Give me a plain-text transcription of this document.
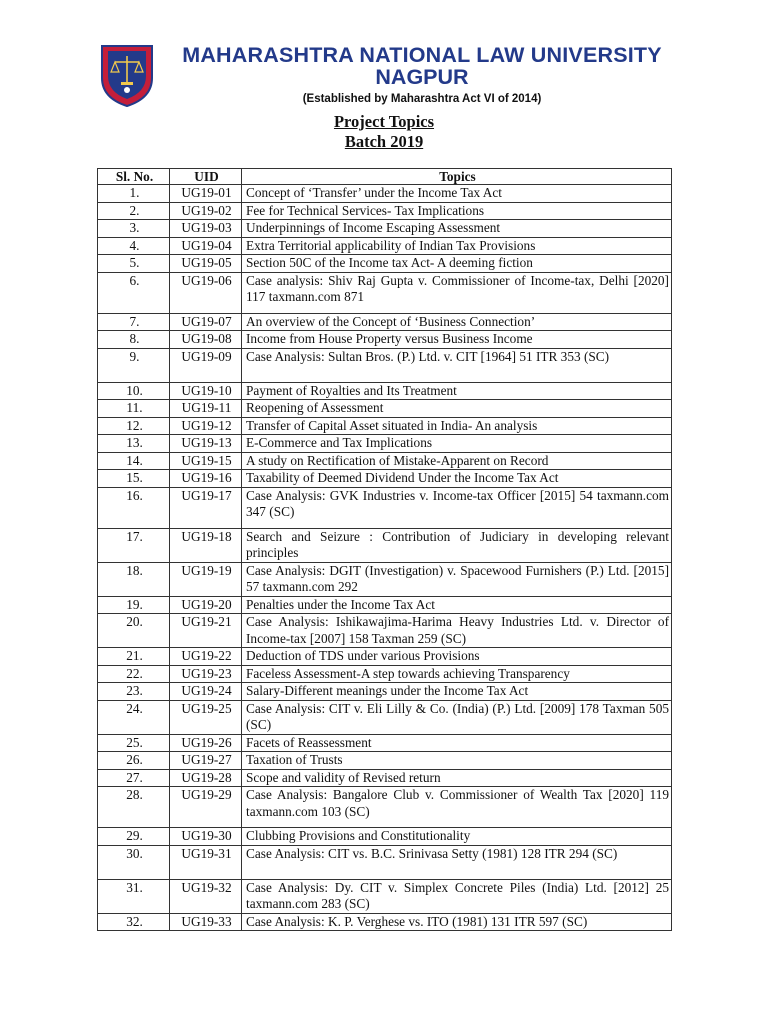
MAHARASHTRA NATIONAL LAW UNIVERSITY
NAGPUR
(Established by Maharashtra Act VI of 2014)
Project Topics
Batch 2019
Sl. No.	UID	Topics
1.	UG19-01	Concept of ‘Transfer’ under the Income Tax Act
2.	UG19-02	Fee for Technical Services- Tax Implications
3.	UG19-03	Underpinnings of Income Escaping Assessment
4.	UG19-04	Extra Territorial applicability of Indian Tax Provisions
5.	UG19-05	Section 50C of the Income tax Act- A deeming fiction
6.	UG19-06	Case analysis: Shiv Raj Gupta v. Commissioner of Income-tax, Delhi [2020] 117 taxmann.com 871
7.	UG19-07	An overview of the Concept of ‘Business Connection’
8.	UG19-08	Income from House Property versus Business Income
9.	UG19-09	Case Analysis: Sultan Bros. (P.) Ltd. v. CIT [1964] 51 ITR 353 (SC)
10.	UG19-10	Payment of Royalties and Its Treatment
11.	UG19-11	Reopening of Assessment
12.	UG19-12	Transfer of Capital Asset situated in India- An analysis
13.	UG19-13	E-Commerce and Tax Implications
14.	UG19-15	A study on Rectification of Mistake-Apparent on Record
15.	UG19-16	Taxability of Deemed Dividend Under the Income Tax Act
16.	UG19-17	Case Analysis: GVK Industries v. Income-tax Officer [2015] 54 taxmann.com 347 (SC)
17.	UG19-18	Search and Seizure : Contribution of Judiciary in developing relevant principles
18.	UG19-19	Case Analysis: DGIT (Investigation) v. Spacewood Furnishers (P.) Ltd. [2015] 57 taxmann.com 292
19.	UG19-20	Penalties under the Income Tax Act
20.	UG19-21	Case Analysis: Ishikawajima-Harima Heavy Industries Ltd. v. Director of Income-tax [2007] 158 Taxman 259 (SC)
21.	UG19-22	Deduction of TDS under various Provisions
22.	UG19-23	Faceless Assessment-A step towards achieving Transparency
23.	UG19-24	Salary-Different meanings under the Income Tax Act
24.	UG19-25	Case Analysis: CIT v. Eli Lilly & Co. (India) (P.) Ltd. [2009] 178 Taxman 505 (SC)
25.	UG19-26	Facets of Reassessment
26.	UG19-27	Taxation of Trusts
27.	UG19-28	Scope and validity of Revised return
28.	UG19-29	Case Analysis: Bangalore Club v. Commissioner of Wealth Tax [2020] 119 taxmann.com 103 (SC)
29.	UG19-30	Clubbing Provisions and Constitutionality
30.	UG19-31	Case Analysis: CIT vs. B.C. Srinivasa Setty (1981) 128 ITR 294 (SC)
31.	UG19-32	Case Analysis: Dy. CIT v. Simplex Concrete Piles (India) Ltd. [2012] 25 taxmann.com 283 (SC)
32.	UG19-33	Case Analysis: K. P. Verghese vs. ITO (1981) 131 ITR 597 (SC)
